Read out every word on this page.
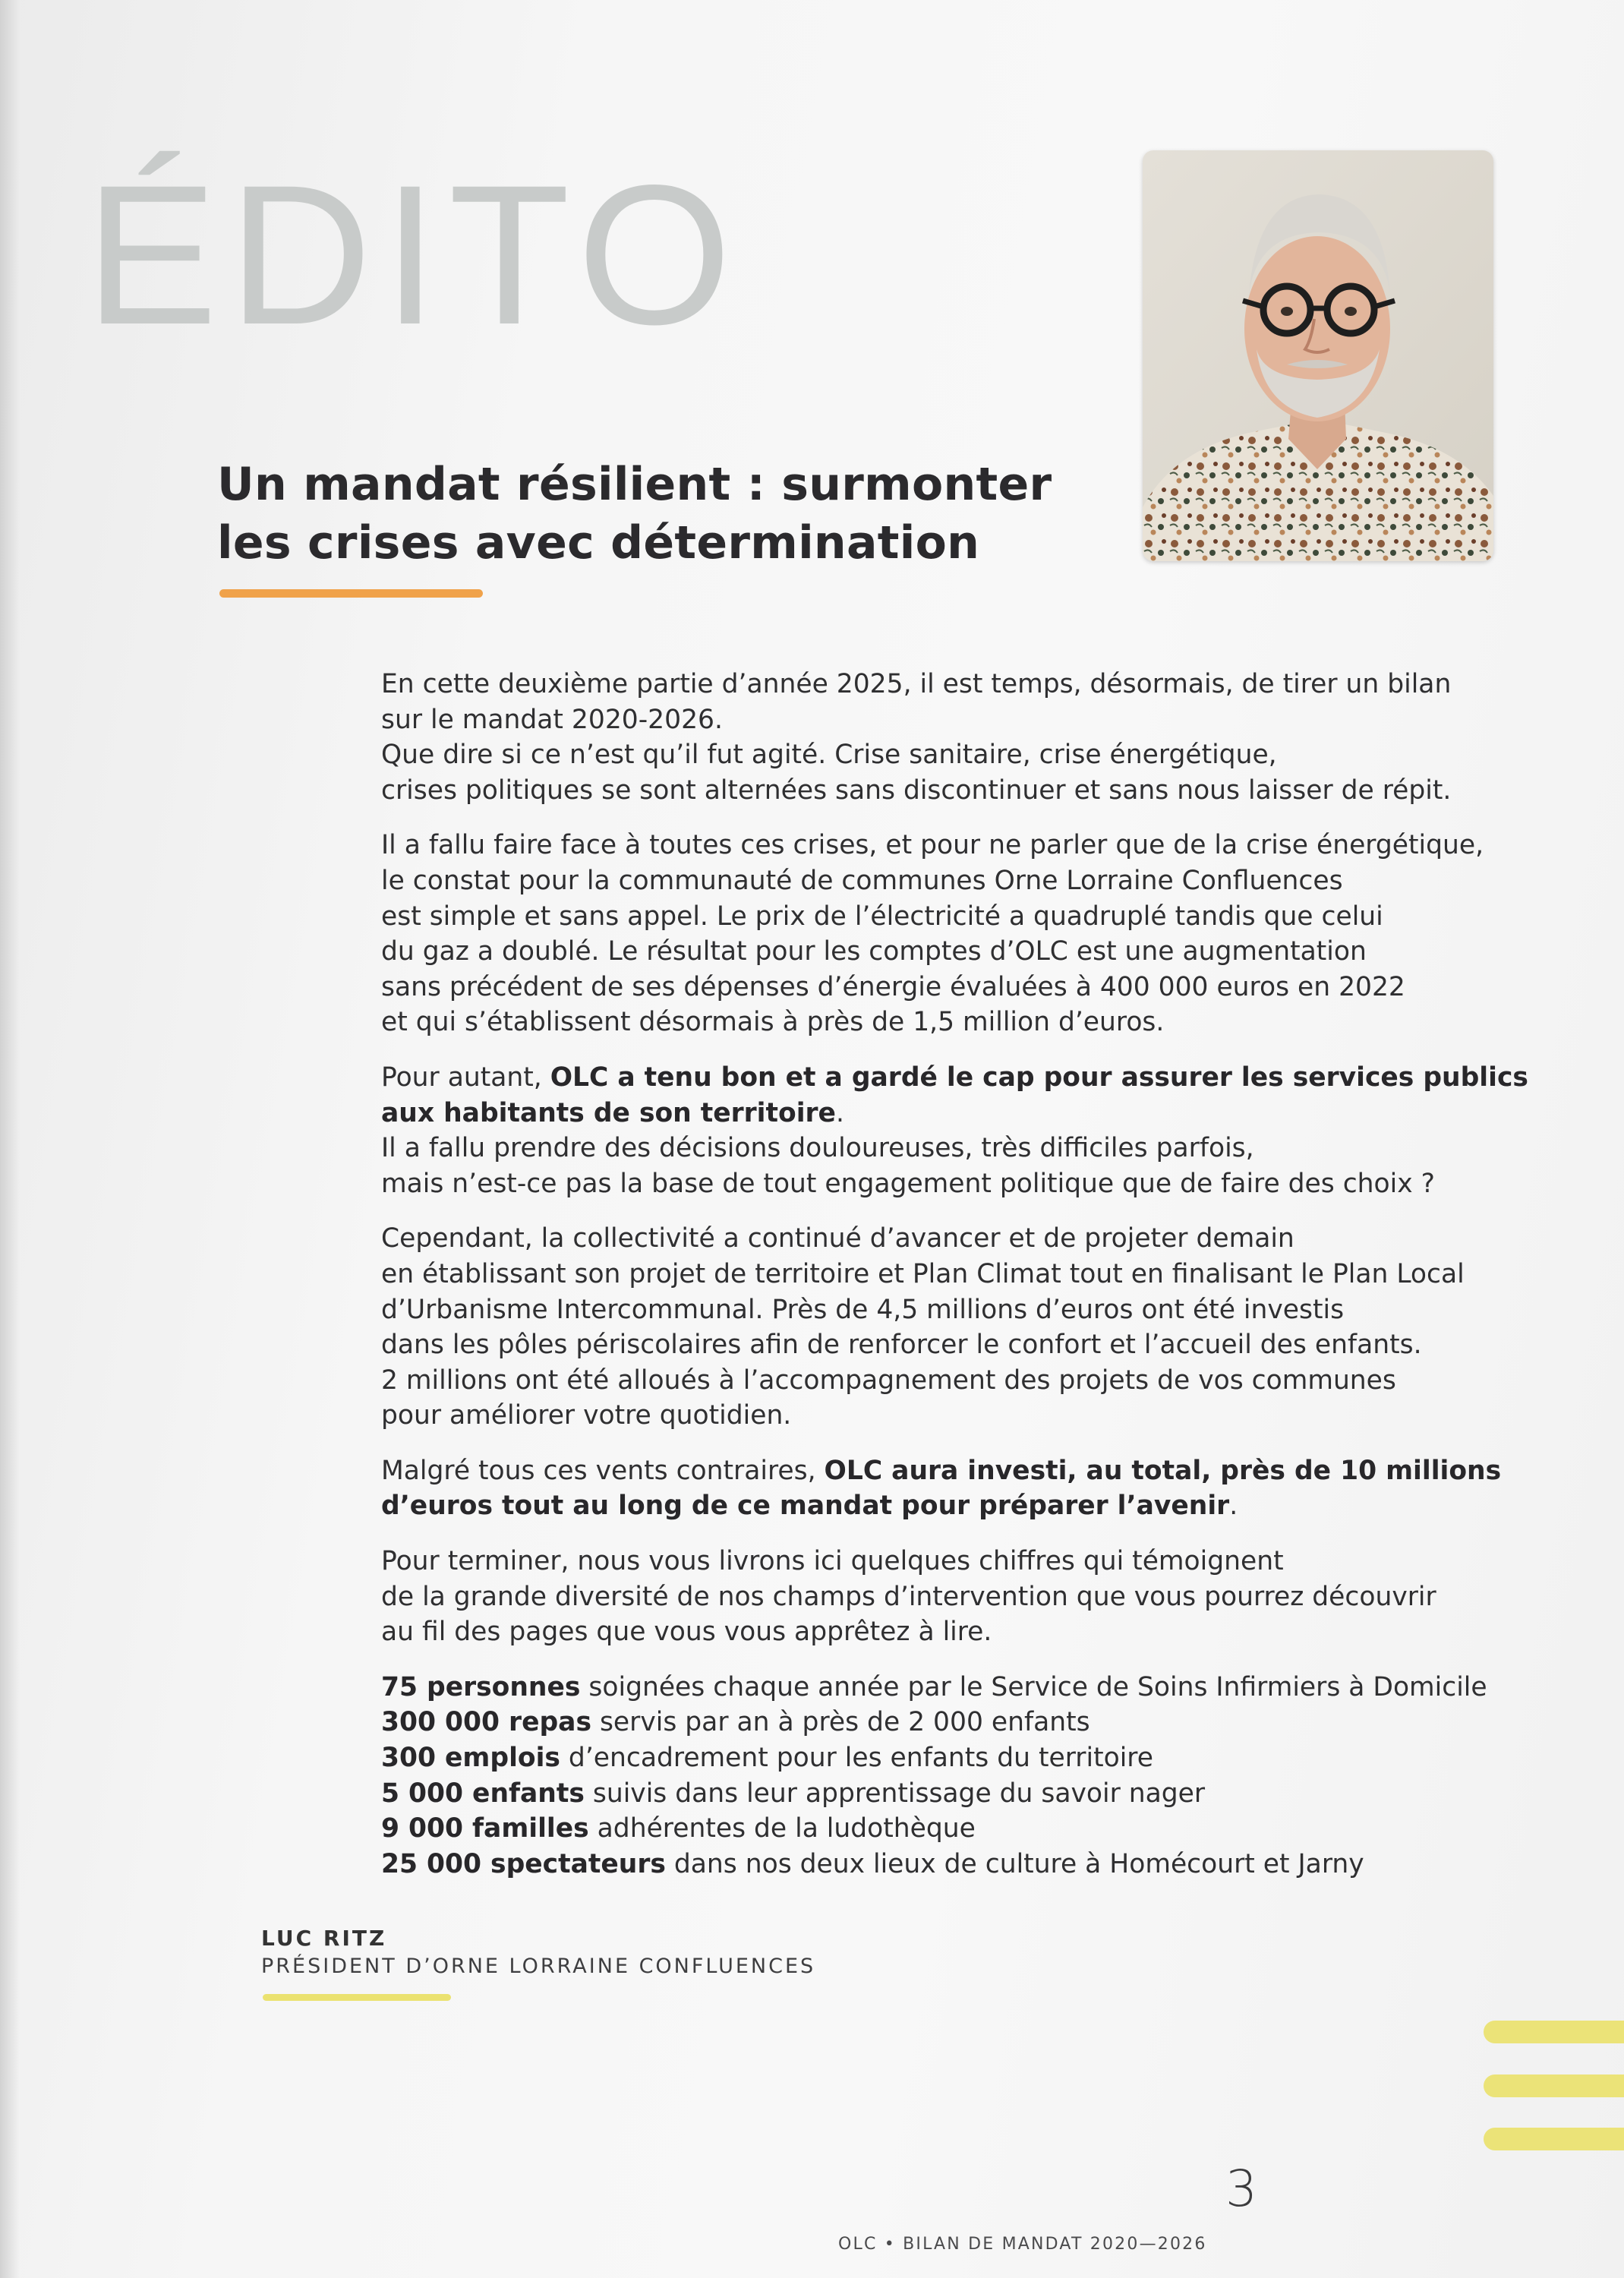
ÉDITO
Un mandat résilient : surmonter
les crises avec détermination

En cette deuxième partie d’année 2025, il est temps, désormais, de tirer un bilan
sur le mandat 2020-2026.
Que dire si ce n’est qu’il fut agité. Crise sanitaire, crise énergétique,
crises politiques se sont alternées sans discontinuer et sans nous laisser de répit.

Il a fallu faire face à toutes ces crises, et pour ne parler que de la crise énergétique,
le constat pour la communauté de communes Orne Lorraine Confluences
est simple et sans appel. Le prix de l’électricité a quadruplé tandis que celui
du gaz a doublé. Le résultat pour les comptes d’OLC est une augmentation
sans précédent de ses dépenses d’énergie évaluées à 400 000 euros en 2022
et qui s’établissent désormais à près de 1,5 million d’euros.

Pour autant, OLC a tenu bon et a gardé le cap pour assurer les services publics
aux habitants de son territoire.
Il a fallu prendre des décisions douloureuses, très difficiles parfois,
mais n’est-ce pas la base de tout engagement politique que de faire des choix ?

Cependant, la collectivité a continué d’avancer et de projeter demain
en établissant son projet de territoire et Plan Climat tout en finalisant le Plan Local
d’Urbanisme Intercommunal. Près de 4,5 millions d’euros ont été investis
dans les pôles périscolaires afin de renforcer le confort et l’accueil des enfants.
2 millions ont été alloués à l’accompagnement des projets de vos communes
pour améliorer votre quotidien.

Malgré tous ces vents contraires, OLC aura investi, au total, près de 10 millions
d’euros tout au long de ce mandat pour préparer l’avenir.

Pour terminer, nous vous livrons ici quelques chiffres qui témoignent
de la grande diversité de nos champs d’intervention que vous pourrez découvrir
au fil des pages que vous vous apprêtez à lire.

75 personnes soignées chaque année par le Service de Soins Infirmiers à Domicile
300 000 repas servis par an à près de 2 000 enfants
300 emplois d’encadrement pour les enfants du territoire
5 000 enfants suivis dans leur apprentissage du savoir nager
9 000 familles adhérentes de la ludothèque
25 000 spectateurs dans nos deux lieux de culture à Homécourt et Jarny

LUC RITZ

PRÉSIDENT D’ORNE LORRAINE CONFLUENCES

OLC • BILAN DE MANDAT 2020—2026

3
